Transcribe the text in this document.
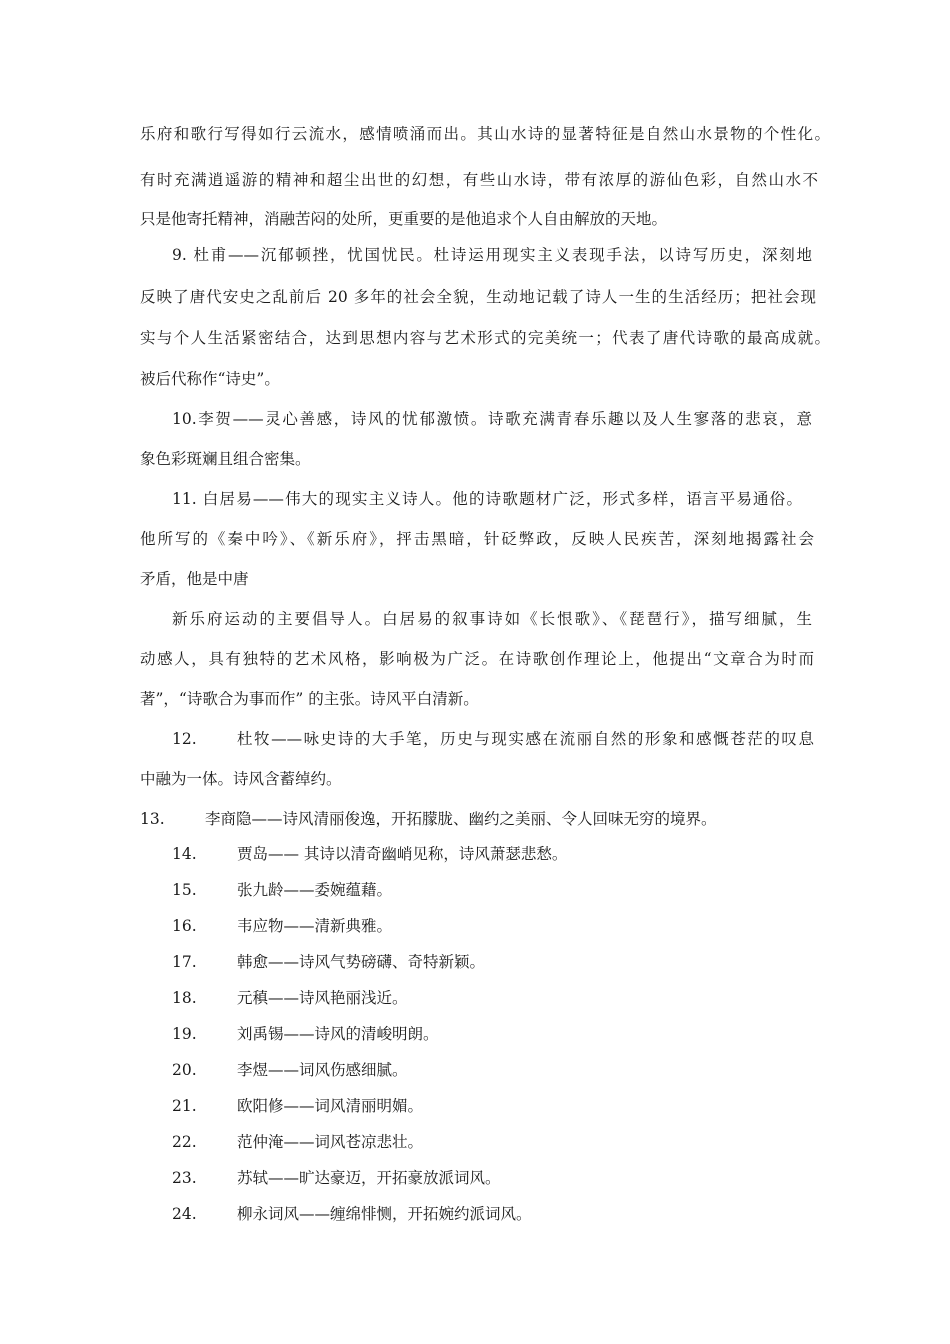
乐府和歌行写得如行云流水，感情喷涌而出。其山水诗的显著特征是自然山水景物的个性化。
有时充满逍遥游的精神和超尘出世的幻想，有些山水诗，带有浓厚的游仙色彩，自然山水不
只是他寄托精神，消融苦闷的处所，更重要的是他追求个人自由解放的天地。
9. 杜甫——沉郁顿挫，忧国忧民。杜诗运用现实主义表现手法，以诗写历史，深刻地
反映了唐代安史之乱前后 20 多年的社会全貌，生动地记载了诗人一生的生活经历；把社会现
实与个人生活紧密结合，达到思想内容与艺术形式的完美统一；代表了唐代诗歌的最高成就。
被后代称作“诗史”。
10.李贺——灵心善感，诗风的忧郁激愤。诗歌充满青春乐趣以及人生寥落的悲哀，意
象色彩斑斓且组合密集。
11. 白居易——伟大的现实主义诗人。他的诗歌题材广泛，形式多样，语言平易通俗。
他所写的《秦中吟》、《新乐府》，抨击黑暗，针砭弊政，反映人民疾苦，深刻地揭露社会
矛盾，他是中唐
新乐府运动的主要倡导人。白居易的叙事诗如《长恨歌》、《琵琶行》，描写细腻，生
动感人，具有独特的艺术风格，影响极为广泛。在诗歌创作理论上，他提出“文章合为时而
著”，“诗歌合为事而作” 的主张。诗风平白清新。
12.	杜牧——咏史诗的大手笔，历史与现实感在流丽自然的形象和感慨苍茫的叹息
中融为一体。诗风含蓄绰约。
13.	李商隐——诗风清丽俊逸，开拓朦胧、幽约之美丽、令人回味无穷的境界。
14.	贾岛—— 其诗以清奇幽峭见称，诗风萧瑟悲愁。
15.	张九龄——委婉蕴藉。
16.	韦应物——清新典雅。
17.	韩愈——诗风气势磅礴、奇特新颖。
18.	元稹——诗风艳丽浅近。
19.	刘禹锡——诗风的清峻明朗。
20.	李煜——词风伤感细腻。
21.	欧阳修——词风清丽明媚。
22.	范仲淹——词风苍凉悲壮。
23.	苏轼——旷达豪迈，开拓豪放派词风。
24.	柳永词风——缠绵悱恻，开拓婉约派词风。
